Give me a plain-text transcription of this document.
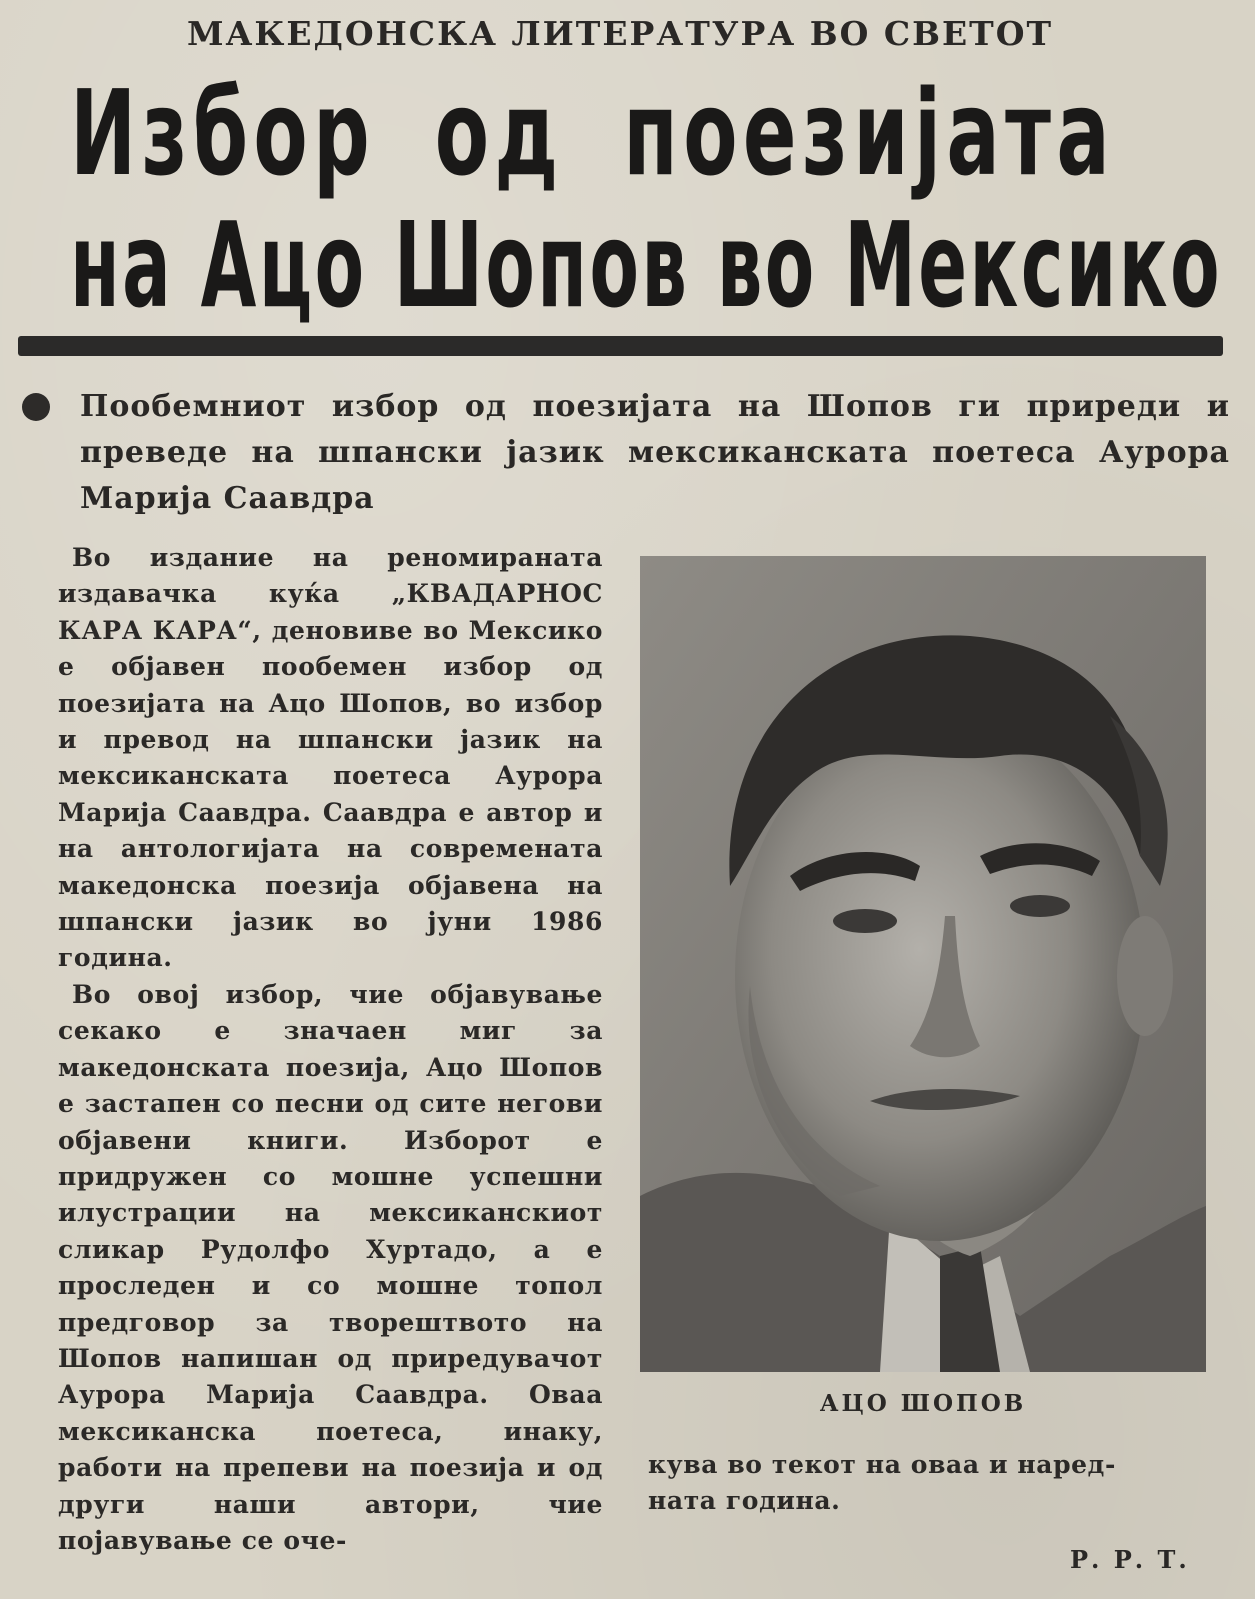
МАКЕДОНСКА ЛИТЕРАТУРА ВО СВЕТОТ
Избор од поезијата
на Ацо Шопов во Мексико
Пообемниот избор од поезијата на Шопов ги приреди и преведе на шпански јазик мексиканската поетеса Аурора Марија Саавдра

Во издание на реномираната издавачка куќа „КВАДАРНОС КАРА КАРА“, деновиве во Мексико е објавен пообемен избор од поезијата на Ацо Шопов, во избор и превод на шпански јазик на мексиканската поетеса Аурора Марија Саавдра. Саавдра е автор и на антологијата на современата македонска поезија објавена на шпански јазик во јуни 1986 година.

Во овој избор, чие објавување секако е значаен миг за македонската поезија, Ацо Шопов е застапен со песни од сите негови објавени книги. Изборот е придружен со мошне успешни илустрации на мексиканскиот сликар Рудолфо Хуртадо, а е проследен и со мошне топол предговор за творештвото на Шопов напишан од приредувачот Аурора Марија Саавдра. Оваа мексиканска поетеса, инаку, работи на препеви на поезија и од други наши автори, чие појавување се оче-

АЦО ШОПОВ
кува во текот на оваа и наред-
ната година.
Р. Р. Т.
